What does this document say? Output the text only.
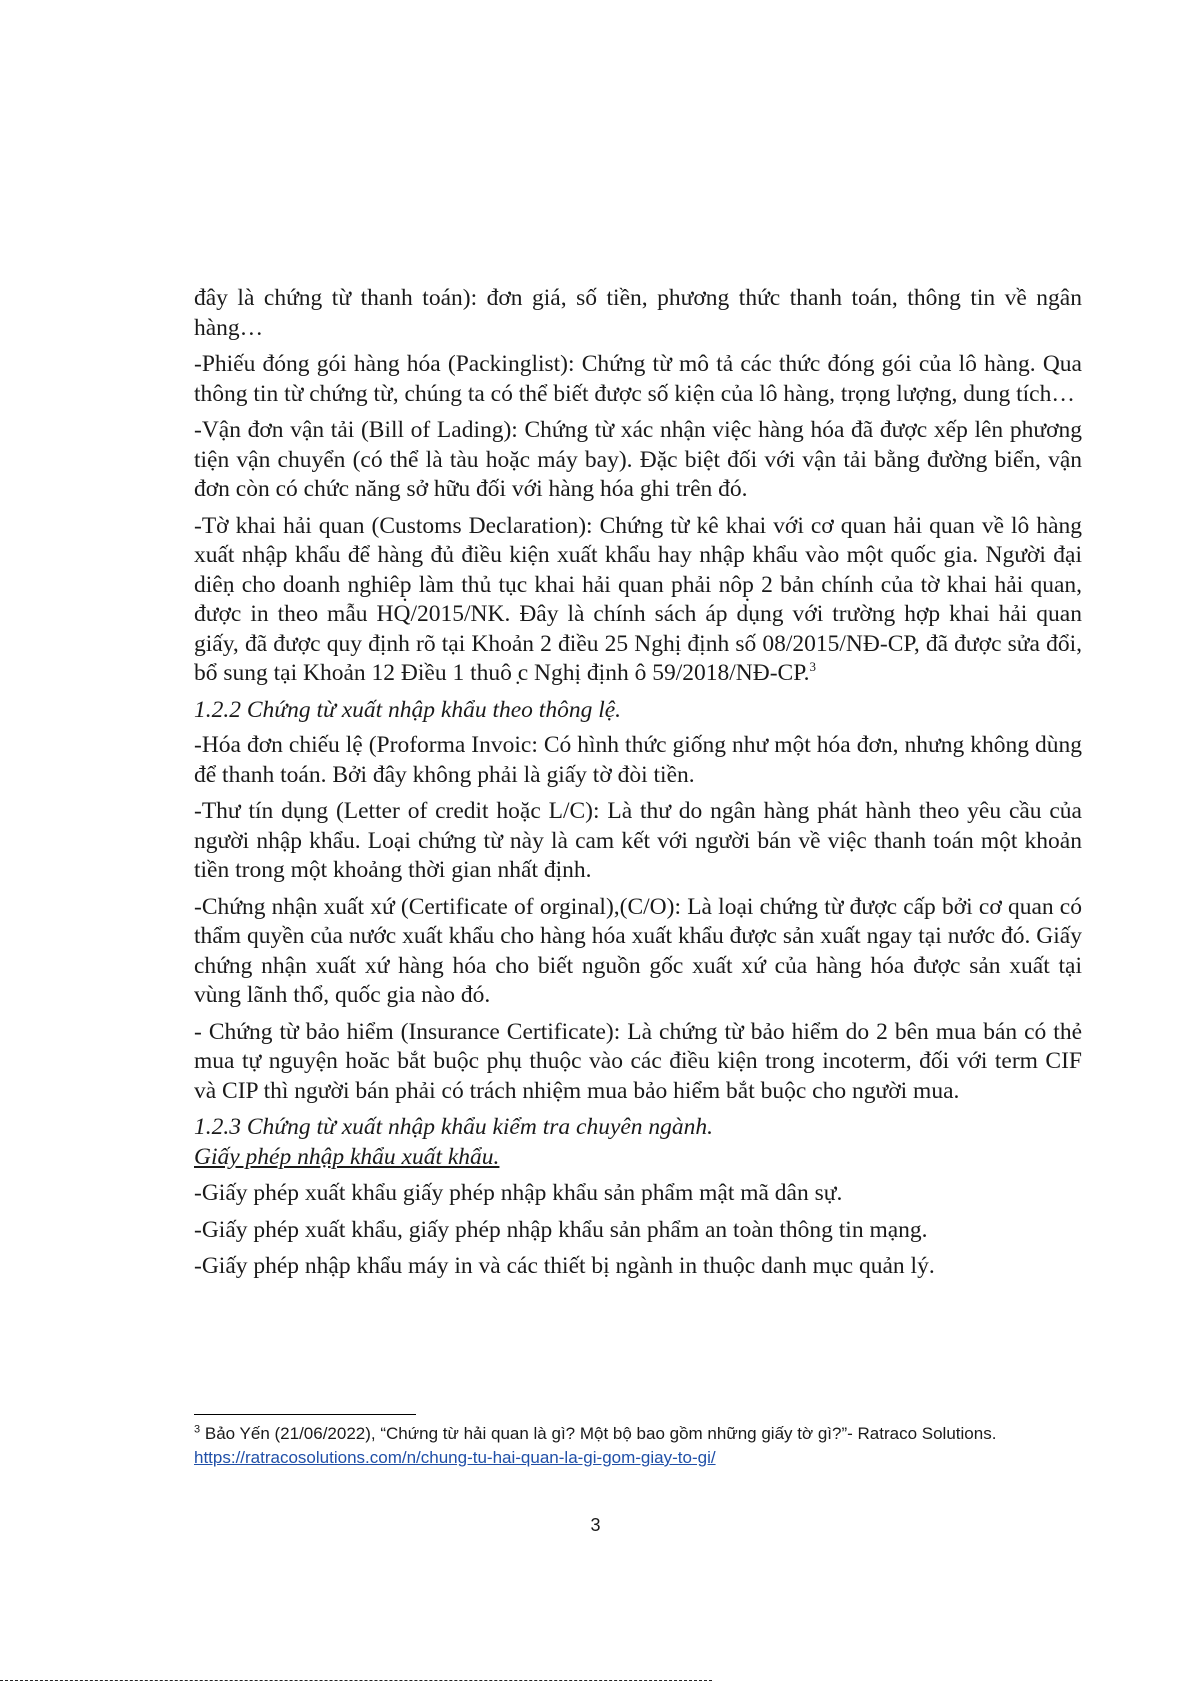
đây là chứng từ thanh toán): đơn giá, số tiền, phương thức thanh toán, thông tin về ngân hàng…

-Phiếu đóng gói hàng hóa (Packinglist): Chứng từ mô tả các thức đóng gói của lô hàng. Qua thông tin từ chứng từ, chúng ta có thể biết được số kiện của lô hàng, trọng lượng, dung tích…

-Vận đơn vận tải (Bill of Lading): Chứng từ xác nhận việc hàng hóa đã được xếp lên phương tiện vận chuyển (có thể là tàu hoặc máy bay). Đặc biệt đối với vận tải bằng đường biển, vận đơn còn có chức năng sở hữu đối với hàng hóa ghi trên đó.

-Tờ khai hải quan (Customs Declaration): Chứng từ kê khai với cơ quan hải quan về lô hàng xuất nhập khẩu để hàng đủ điều kiện xuất khẩu hay nhập khẩu vào một quốc gia. Người đại diêṇ cho doanh nghiêp̣ làm thủ tục khai hải quan phải nôp̣ 2 bản chính của tờ khai hải quan, được in theo mẫu HQ/2015/NK. Đây là chính sách áp dụng với trường hợp khai hải quan giấy, đã được quy định rõ tại Khoản 2 điều 25 Nghị định số 08/2015/NĐ-CP, đã được sửa đổi, bổ sung tại Khoản 12 Điều 1 thuô ̣c Nghị định ô 59/2018/NĐ-CP.$^3$

1.2.2 Chứng từ xuất nhập khẩu theo thông lệ.

-Hóa đơn chiếu lệ (Proforma Invoic: Có hình thức giống như một hóa đơn, nhưng không dùng để thanh toán. Bởi đây không phải là giấy tờ đòi tiền.

-Thư tín dụng (Letter of credit hoặc L/C): Là thư do ngân hàng phát hành theo yêu cầu của người nhập khẩu. Loại chứng từ này là cam kết với người bán về việc thanh toán một khoản tiền trong một khoảng thời gian nhất định.

-Chứng nhận xuất xứ (Certificate of orginal),(C/O): Là loại chứng từ được cấp bởi cơ quan có thẩm quyền của nước xuất khẩu cho hàng hóa xuất khẩu được sản xuất ngay tại nước đó. Giấy chứng nhận xuất xứ hàng hóa cho biết nguồn gốc xuất xứ của hàng hóa được sản xuất tại vùng lãnh thổ, quốc gia nào đó.

- Chứng từ bảo hiểm (Insurance Certificate): Là chứng từ bảo hiểm do 2 bên mua bán có thẻ mua tự nguyện hoăc bắt buộc phụ thuộc vào các điều kiện trong incoterm, đối với term CIF và CIP thì người bán phải có trách nhiệm mua bảo hiểm bắt buộc cho người mua.

1.2.3 Chứng từ xuất nhập khẩu kiểm tra chuyên ngành.

Giấy phép nhập khẩu xuất khẩu.

-Giấy phép xuất khẩu giấy phép nhập khẩu sản phẩm mật mã dân sự.

-Giấy phép xuất khẩu, giấy phép nhập khẩu sản phẩm an toàn thông tin mạng.

-Giấy phép nhập khẩu máy in và các thiết bị ngành in thuộc danh mục quản lý.

$^3$ Bảo Yến (21/06/2022), “Chứng từ hải quan là gì? Một bộ bao gồm những giấy tờ gì?”- Ratraco Solutions.
https://ratracosolutions.com/n/chung-tu-hai-quan-la-gi-gom-giay-to-gi/
3
